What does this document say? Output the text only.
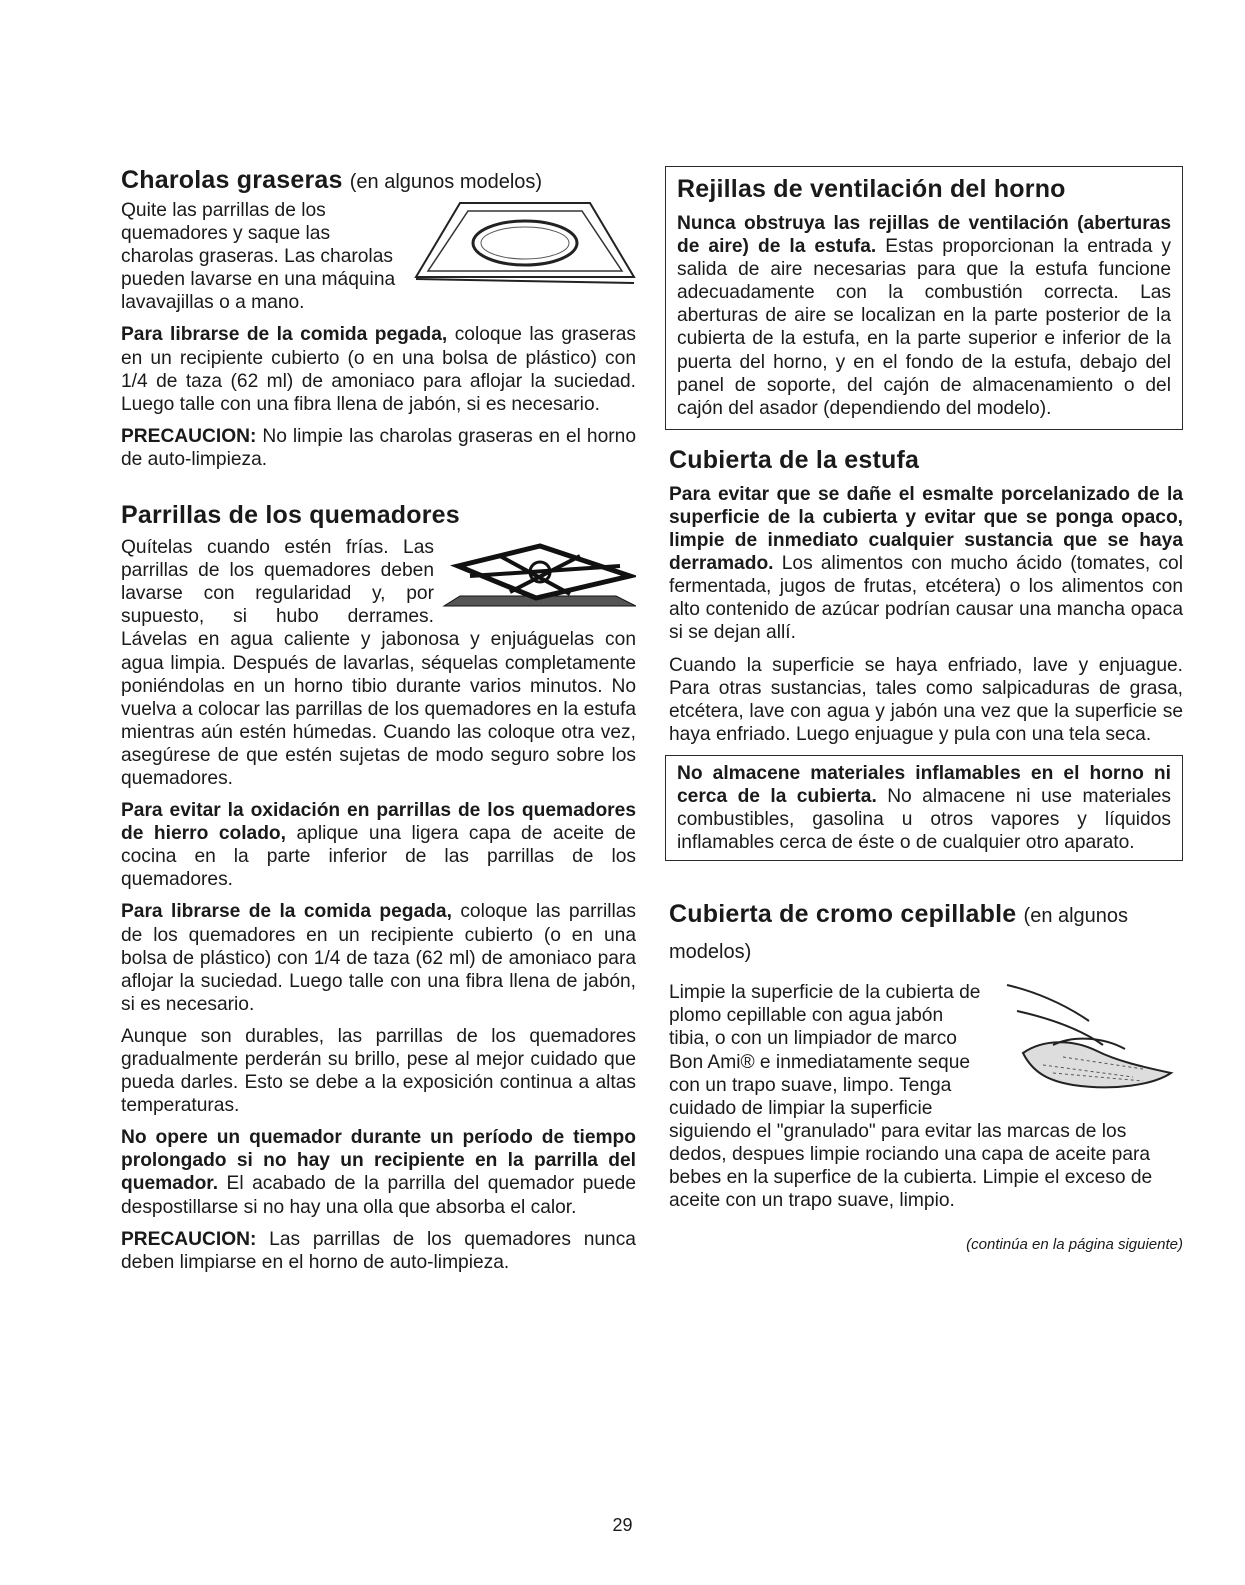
Charolas graseras (en algunos modelos)

Quite las parrillas de los quemadores y saque las charolas graseras. Las charolas pueden lavarse en una máquina lavavajillas o a mano.

Para librarse de la comida pegada, coloque las graseras en un recipiente cubierto (o en una bolsa de plástico) con 1/4 de taza (62 ml) de amoniaco para aflojar la suciedad. Luego talle con una fibra llena de jabón, si es necesario.

PRECAUCION: No limpie las charolas graseras en el horno de auto-limpieza.

Parrillas de los quemadores

Quítelas cuando estén frías. Las parrillas de los quemadores deben lavarse con regularidad y, por supuesto, si hubo derrames. Lávelas en agua caliente y jabonosa y enjuáguelas con agua limpia. Después de lavarlas, séquelas completamente poniéndolas en un horno tibio durante varios minutos. No vuelva a colocar las parrillas de los quemadores en la estufa mientras aún estén húmedas. Cuando las coloque otra vez, asegúrese de que estén sujetas de modo seguro sobre los quemadores.

Para evitar la oxidación en parrillas de los quemadores de hierro colado, aplique una ligera capa de aceite de cocina en la parte inferior de las parrillas de los quemadores.

Para librarse de la comida pegada, coloque las parrillas de los quemadores en un recipiente cubierto (o en una bolsa de plástico) con 1/4 de taza (62 ml) de amoniaco para aflojar la suciedad. Luego talle con una fibra llena de jabón, si es necesario.

Aunque son durables, las parrillas de los quemadores gradualmente perderán su brillo, pese al mejor cuidado que pueda darles. Esto se debe a la exposición continua a altas temperaturas.

No opere un quemador durante un período de tiempo prolongado si no hay un recipiente en la parrilla del quemador. El acabado de la parrilla del quemador puede despostillarse si no hay una olla que absorba el calor.

PRECAUCION: Las parrillas de los quemadores nunca deben limpiarse en el horno de auto-limpieza.

Rejillas de ventilación del horno

Nunca obstruya las rejillas de ventilación (aberturas de aire) de la estufa. Estas proporcionan la entrada y salida de aire necesarias para que la estufa funcione adecuadamente con la combustión correcta. Las aberturas de aire se localizan en la parte posterior de la cubierta de la estufa, en la parte superior e inferior de la puerta del horno, y en el fondo de la estufa, debajo del panel de soporte, del cajón de almacenamiento o del cajón del asador (dependiendo del modelo).

Cubierta de la estufa

Para evitar que se dañe el esmalte porcelanizado de la superficie de la cubierta y evitar que se ponga opaco, limpie de inmediato cualquier sustancia que se haya derramado. Los alimentos con mucho ácido (tomates, col fermentada, jugos de frutas, etcétera) o los alimentos con alto contenido de azúcar podrían causar una mancha opaca si se dejan allí.

Cuando la superficie se haya enfriado, lave y enjuague. Para otras sustancias, tales como salpicaduras de grasa, etcétera, lave con agua y jabón una vez que la superficie se haya enfriado. Luego enjuague y pula con una tela seca.

No almacene materiales inflamables en el horno ni cerca de la cubierta. No almacene ni use materiales combustibles, gasolina u otros vapores y líquidos inflamables cerca de éste o de cualquier otro aparato.

Cubierta de cromo cepillable (en algunos modelos)

Limpie la superficie de la cubierta de plomo cepillable con agua jabón tibia, o con un limpiador de marco Bon Ami® e inmediatamente seque con un trapo suave, limpo. Tenga cuidado de limpiar la superficie siguiendo el "granulado" para evitar las marcas de los dedos, despues limpie rociando una capa de aceite para bebes en la superfice de la cubierta. Limpie el exceso de aceite con un trapo suave, limpio.

(continúa en la página siguiente)
29
